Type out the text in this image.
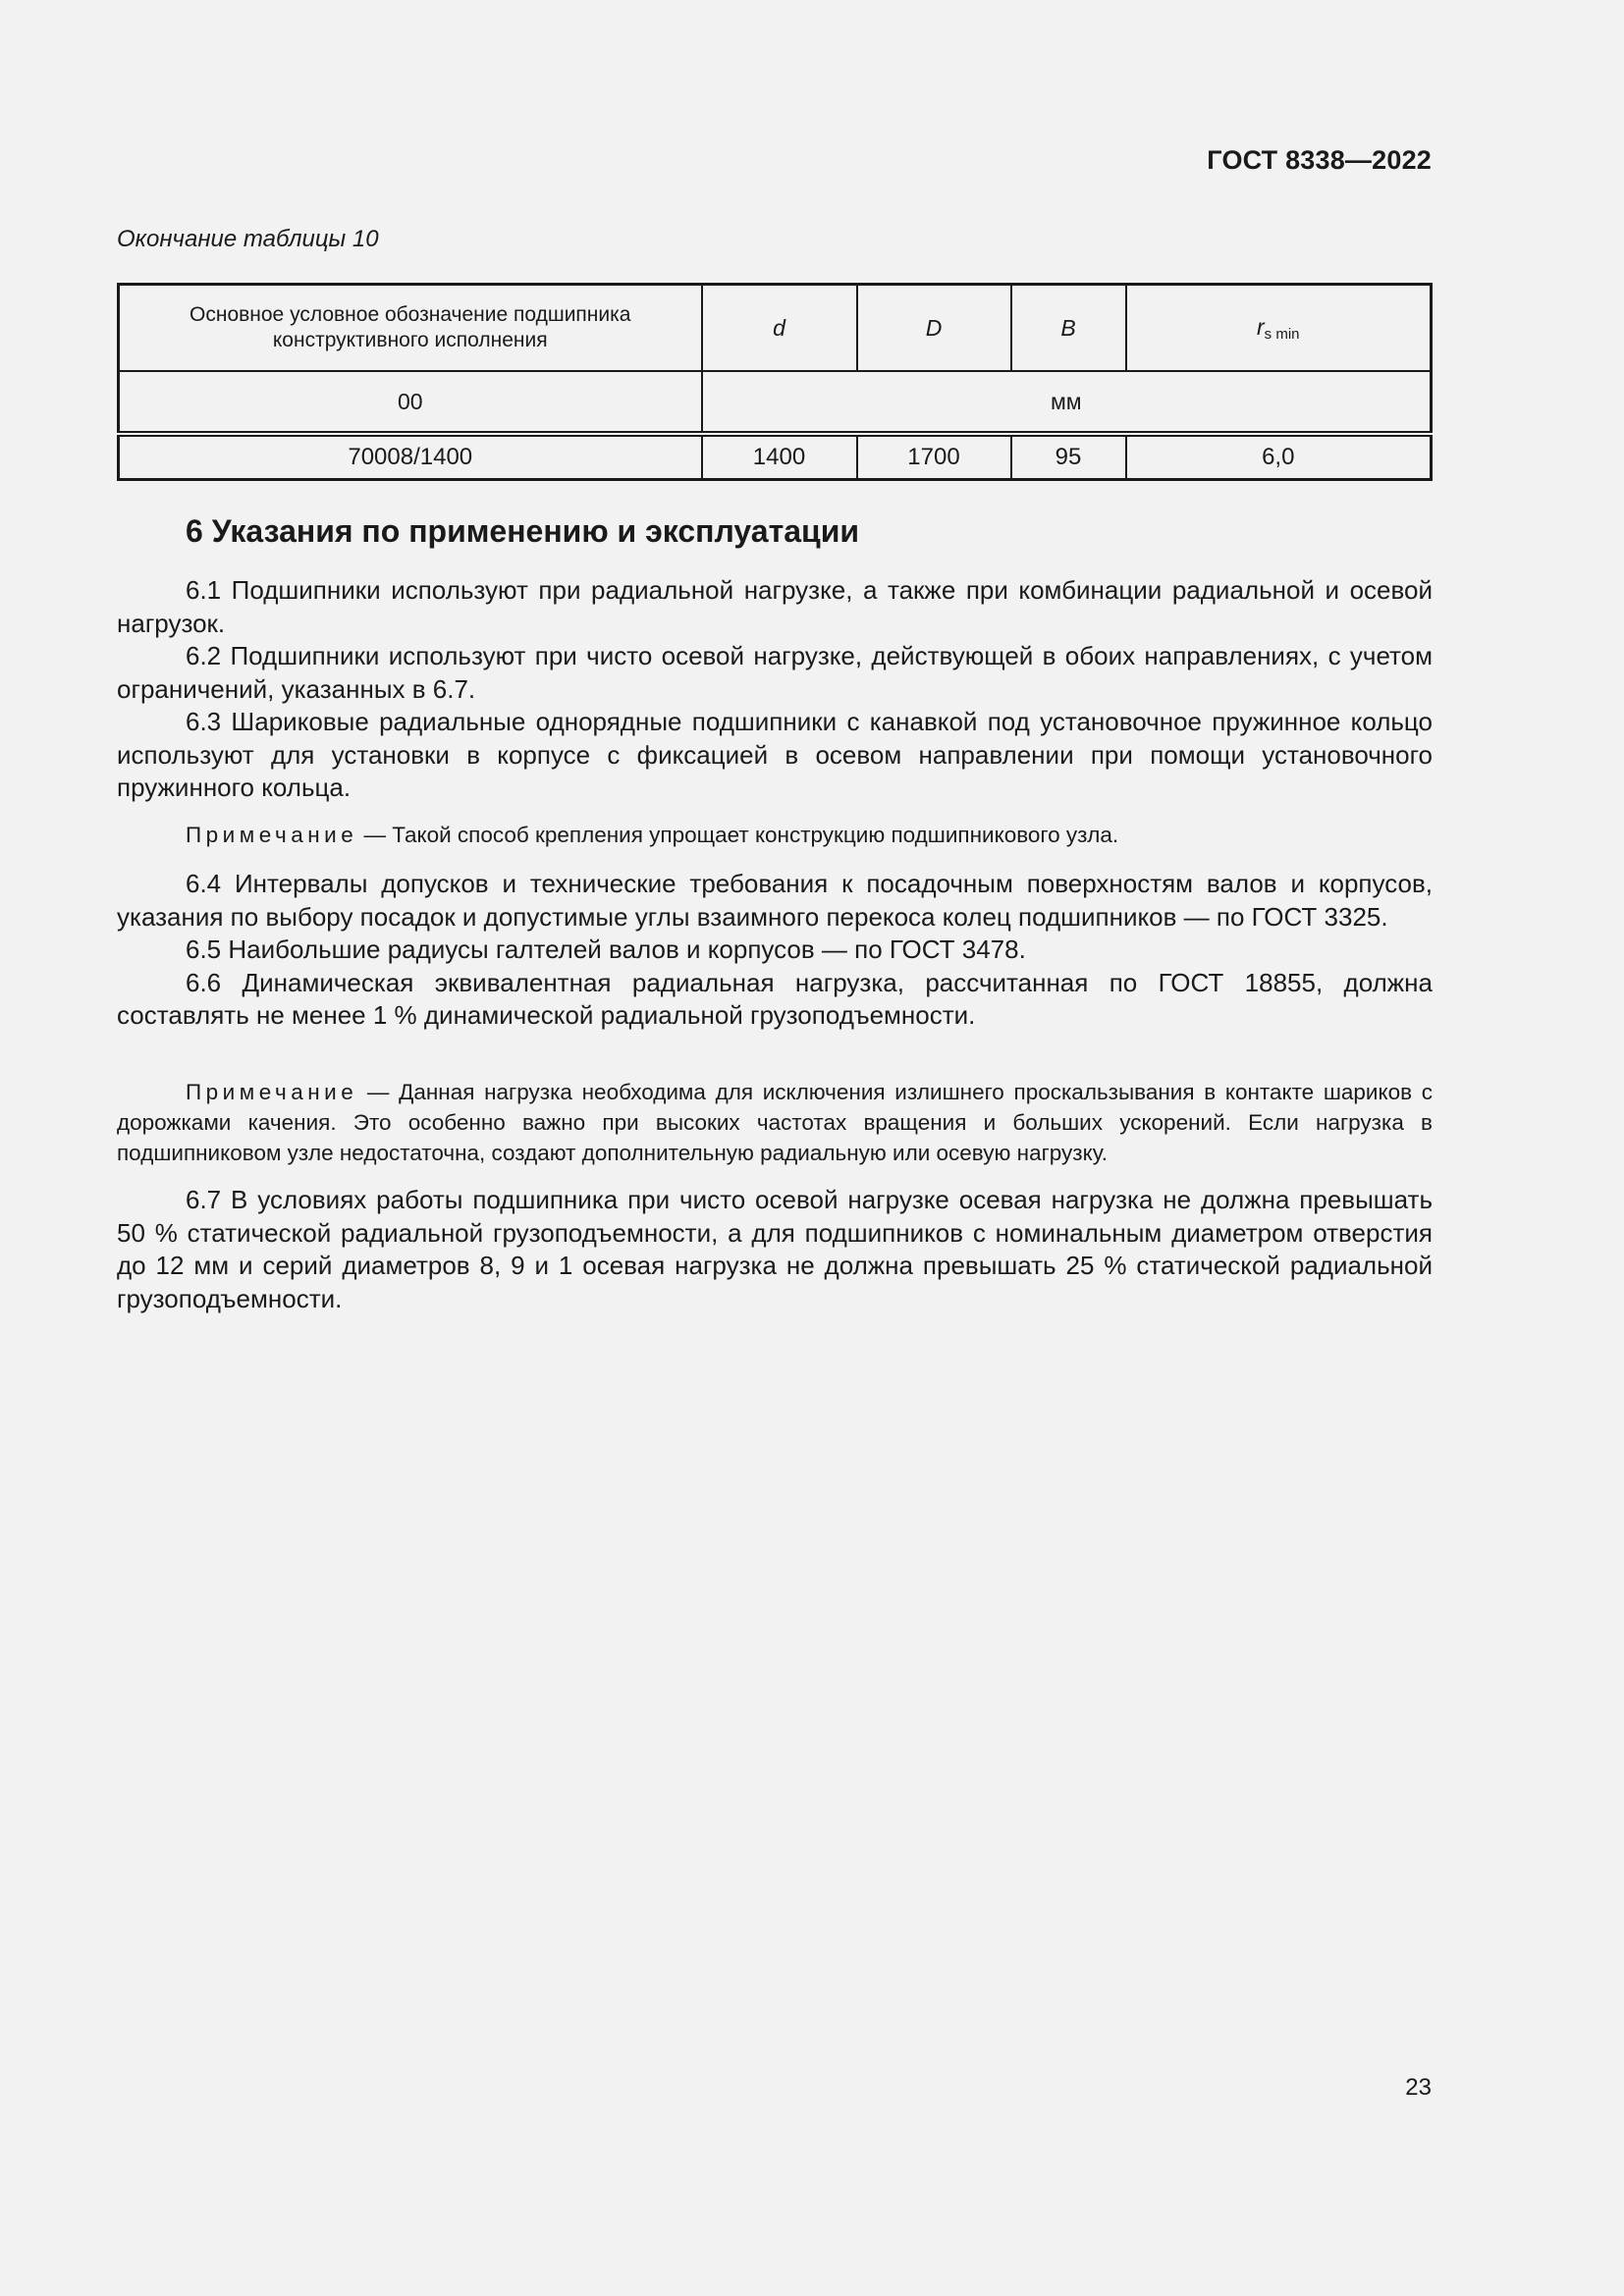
ГОСТ 8338—2022
Окончание таблицы 10
Основное условное обозначение подшипника конструктивного исполнения	d	D	B	$r_{s min}$
00	мм			
70008/1400	1400	1700	95	6,0
6 Указания по применению и эксплуатации

6.1 Подшипники используют при радиальной нагрузке, а также при комбинации радиальной и осевой нагрузок.

6.2 Подшипники используют при чисто осевой нагрузке, действующей в обоих направлениях, с учетом ограничений, указанных в 6.7.

6.3 Шариковые радиальные однорядные подшипники с канавкой под установочное пружинное кольцо используют для установки в корпусе с фиксацией в осевом направлении при помощи установочного пружинного кольца.

Примечание — Такой способ крепления упрощает конструкцию подшипникового узла.

6.4 Интервалы допусков и технические требования к посадочным поверхностям валов и корпусов, указания по выбору посадок и допустимые углы взаимного перекоса колец подшипников — по ГОСТ 3325.

6.5 Наибольшие радиусы галтелей валов и корпусов — по ГОСТ 3478.

6.6 Динамическая эквивалентная радиальная нагрузка, рассчитанная по ГОСТ 18855, должна составлять не менее 1 % динамической радиальной грузоподъемности.

Примечание — Данная нагрузка необходима для исключения излишнего проскальзывания в контакте шариков с дорожками качения. Это особенно важно при высоких частотах вращения и больших ускорений. Если нагрузка в подшипниковом узле недостаточна, создают дополнительную радиальную или осевую нагрузку.

6.7 В условиях работы подшипника при чисто осевой нагрузке осевая нагрузка не должна превышать 50 % статической радиальной грузоподъемности, а для подшипников с номинальным диаметром отверстия до 12 мм и серий диаметров 8, 9 и 1 осевая нагрузка не должна превышать 25 % статической радиальной грузоподъемности.

23
